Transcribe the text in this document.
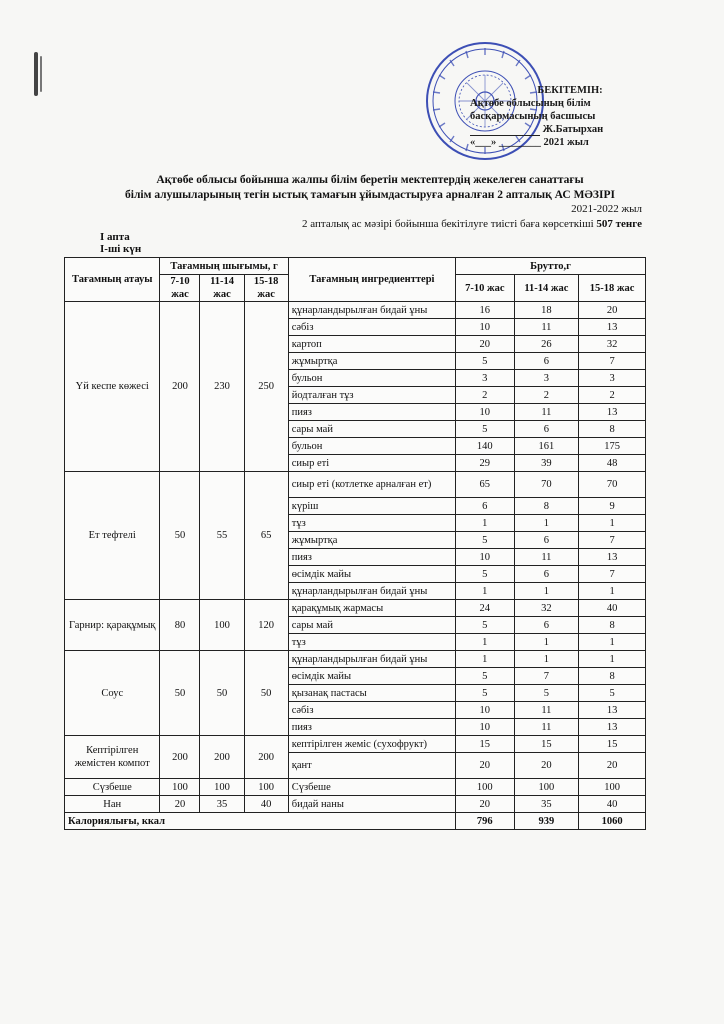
БЕКІТЕМІН:
Ақтөбе облысының білім
басқармасының басшысы
Ж.Батырхан
«___» ________ 2021 жыл
Ақтөбе облысы бойынша жалпы білім беретін мектептердің жекелеген санаттағы
білім алушыларының тегін ыстық тамағын ұйымдастыруға арналған 2 апталық АС МӘЗІРІ
2021-2022 жыл
2 апталық ас мәзірі бойынша бекітілуге тиісті баға көрсеткіші 507 тенге
І апта
І-ші күн
Тағамның атауы	Тағамның шығымы, г			Тағамның ингредиенттері	Брутто,г		
	7-10 жас	11-14 жас	15-18 жас		7-10 жас	11-14 жас	15-18 жас
Үй кеспе көжесі	200	230	250	құнарландырылған бидай ұны	16	18	20
				сәбіз	10	11	13
				картоп	20	26	32
				жұмыртқа	5	6	7
				бульон	3	3	3
				йодталған тұз	2	2	2
				пияз	10	11	13
				сары май	5	6	8
				бульон	140	161	175
				сиыр еті	29	39	48
Ет тефтелі	50	55	65	сиыр еті (котлетке арналған ет)	65	70	70
				күріш	6	8	9
				тұз	1	1	1
				жұмыртқа	5	6	7
				пияз	10	11	13
				өсімдік майы	5	6	7
				құнарландырылған бидай ұны	1	1	1
Гарнир: қарақұмық	80	100	120	қарақұмық жармасы	24	32	40
				сары май	5	6	8
				тұз	1	1	1
Соус	50	50	50	құнарландырылған бидай ұны	1	1	1
				өсімдік майы	5	7	8
				қызанақ пастасы	5	5	5
				сәбіз	10	11	13
				пияз	10	11	13
Кептірілген жемістен компот	200	200	200	кептірілген жеміс (сухофрукт)	15	15	15
				қант	20	20	20
Сүзбеше	100	100	100	Сүзбеше	100	100	100
Нан	20	35	40	бидай наны	20	35	40
Калориялығы, ккал					796	939	1060
